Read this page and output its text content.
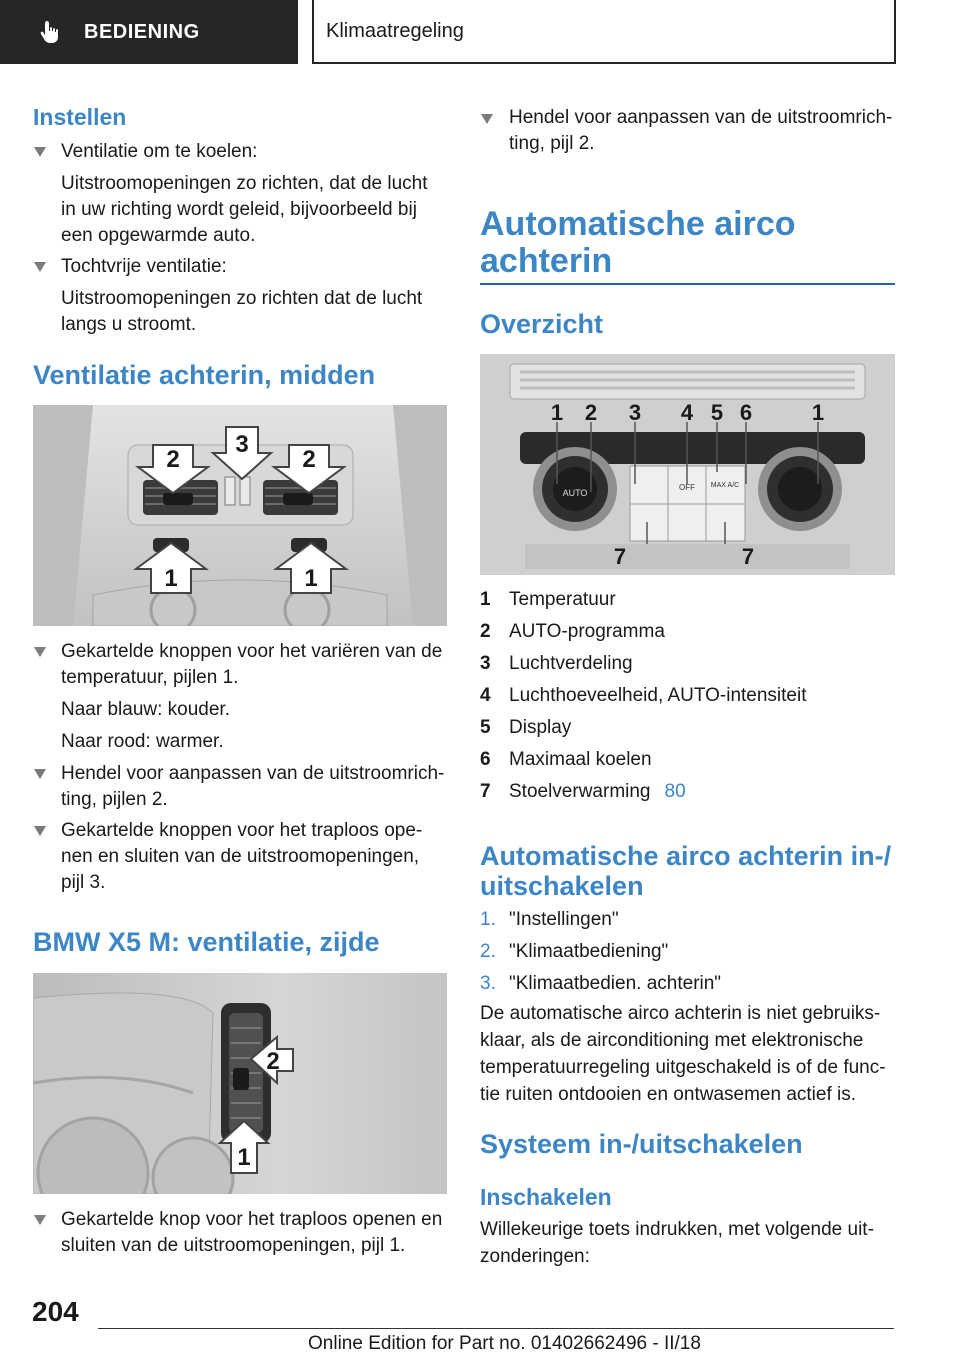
BEDIENING	Klimaatregeling
Instellen
Ventilatie om te koelen:
Uitstroomopeningen zo richten, dat de lucht
in uw richting wordt geleid, bijvoorbeeld bij
een opgewarmde auto.
Tochtvrije ventilatie:
Uitstroomopeningen zo richten dat de lucht
langs u stroomt.
Ventilatie achterin, midden
2
3
2
1	1
Gekartelde knoppen voor het variëren van de
temperatuur, pijlen 1.
Naar blauw: kouder.
Naar rood: warmer.
Hendel voor aanpassen van de uitstroomrich-
ting, pijlen 2.
Gekartelde knoppen voor het traploos ope-
nen en sluiten van de uitstroomopeningen,
pijl 3.
BMW X5 M: ventilatie, zijde
2
1
Gekartelde knop voor het traploos openen en
sluiten van de uitstroomopeningen, pijl 1.
Hendel voor aanpassen van de uitstroomrich-
ting, pijl 2.
Automatische airco
achterin
Overzicht
AUTO
OFF MAX A/C
1 2 3 4 5 6	1
7	7
1 Temperatuur
2 AUTO-programma
3 Luchtverdeling
4 Luchthoeveelheid, AUTO-intensiteit
5 Display
6 Maximaal koelen
7 Stoelverwarming 80
Automatische airco achterin in-/
uitschakelen
1. "Instellingen"
2. "Klimaatbediening"
3. "Klimaatbedien. achterin"
De automatische airco achterin is niet gebruiks-
klaar, als de airconditioning met elektronische
temperatuurregeling uitgeschakeld is of de func-
tie ruiten ontdooien en ontwasemen actief is.
Systeem in-/uitschakelen
Inschakelen
Willekeurige toets indrukken, met volgende uit-
zonderingen:
204
Online Edition for Part no. 01402662496 - II/18
